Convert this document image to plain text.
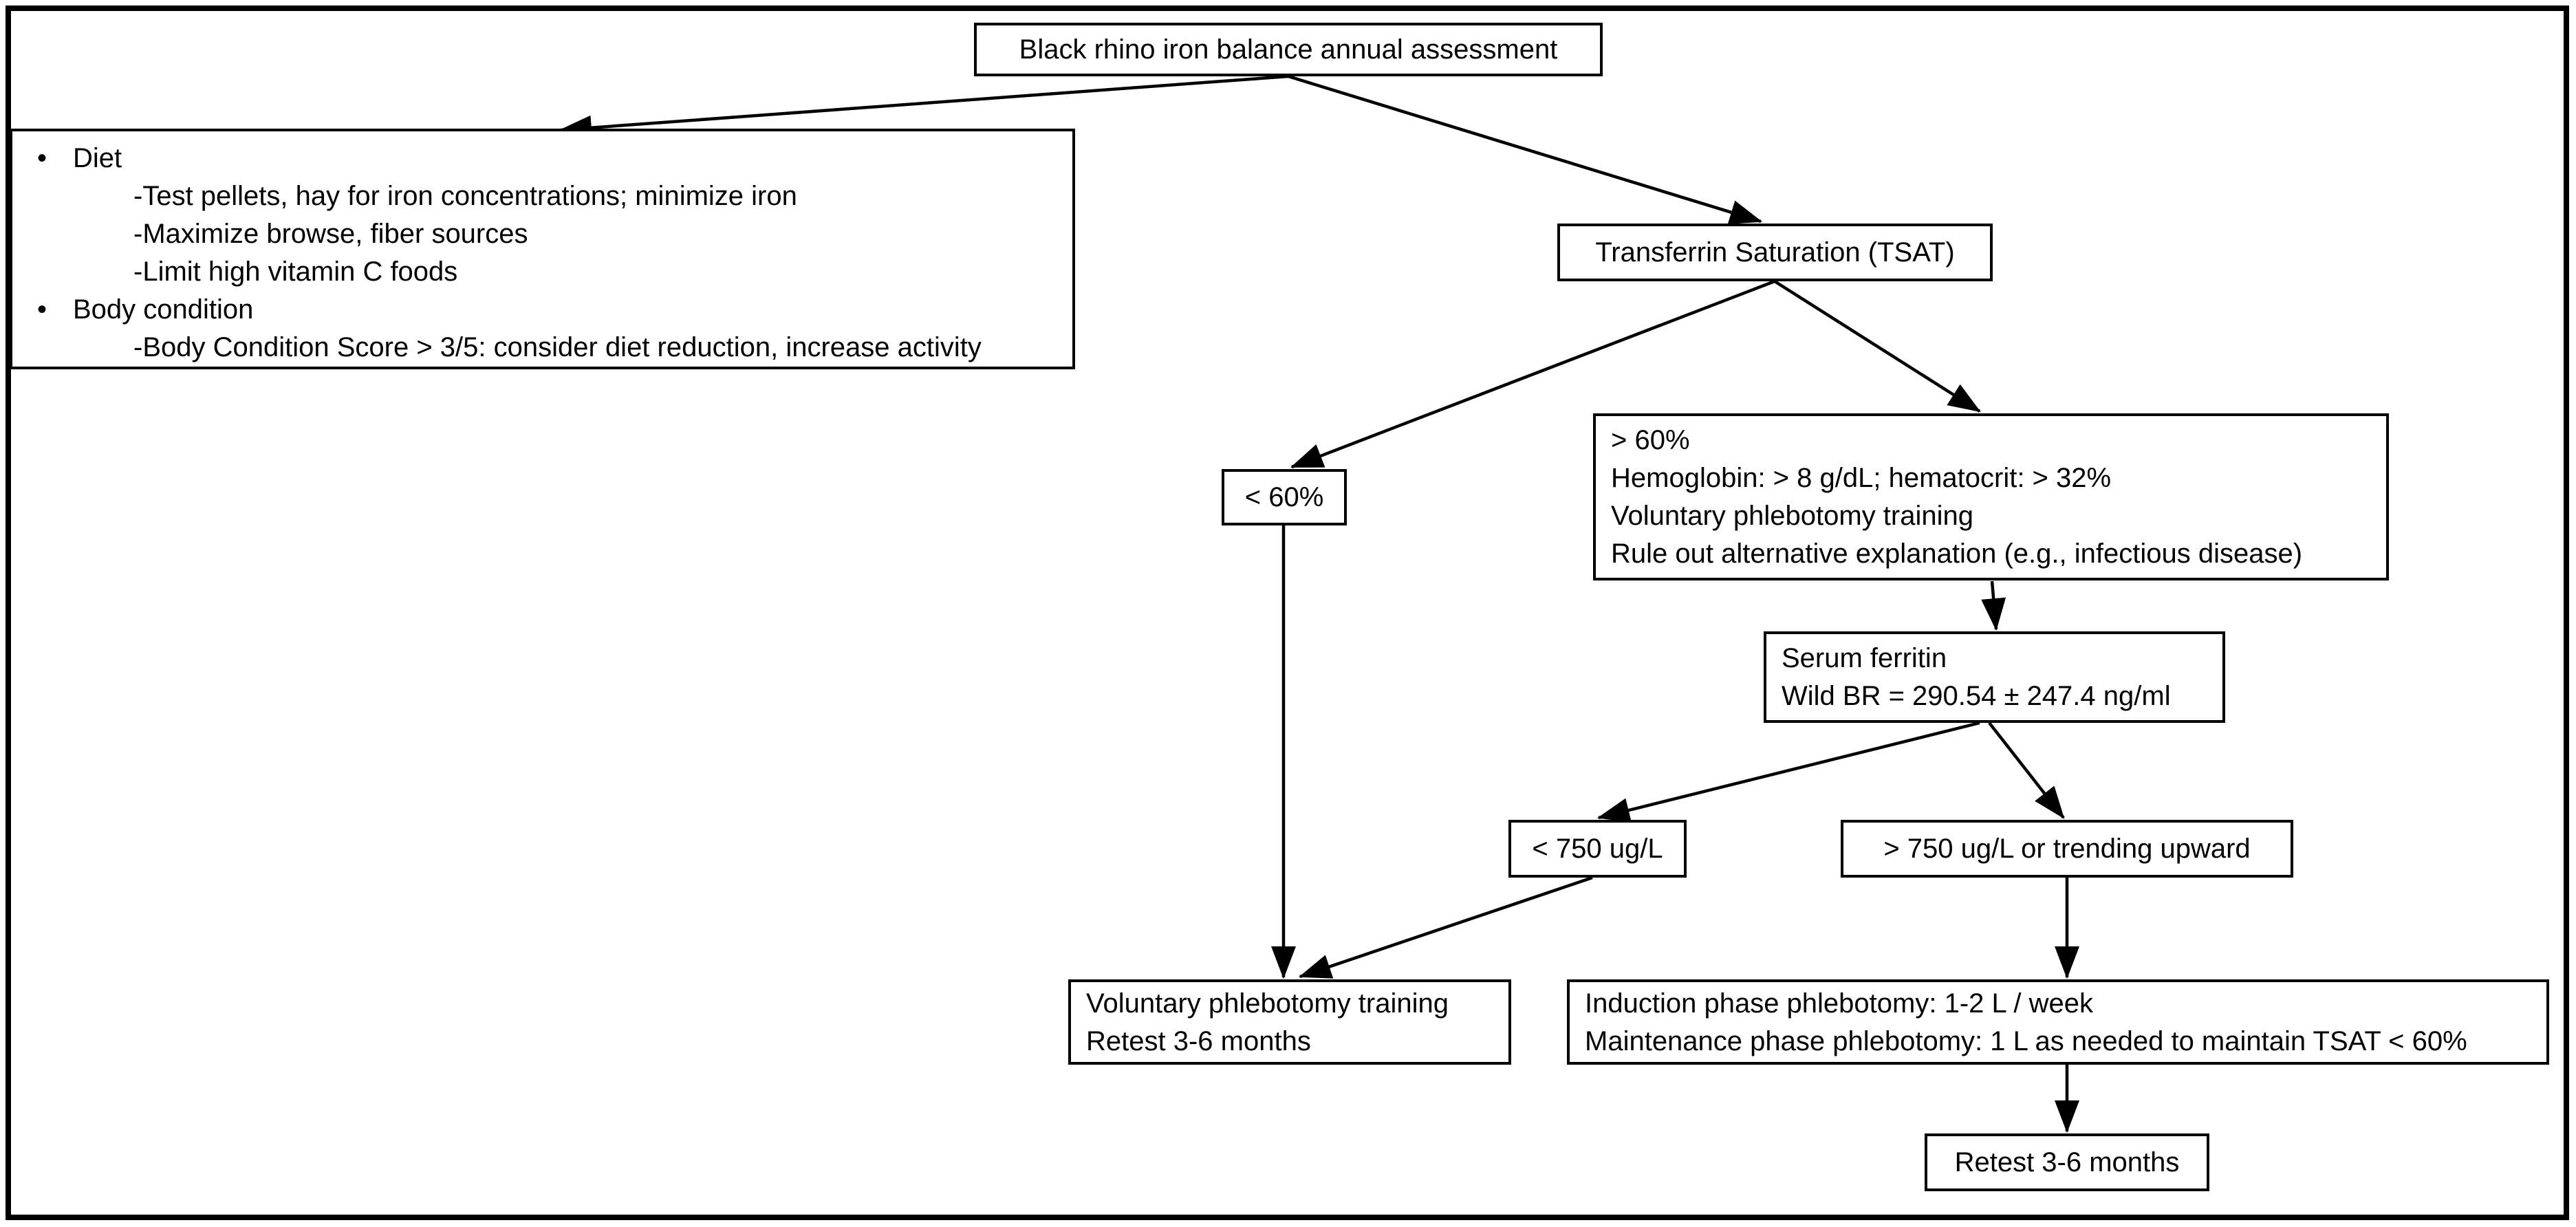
Black rhino iron balance annual assessment
• Diet
-Test pellets, hay for iron concentrations; minimize iron
-Maximize browse, fiber sources
-Limit high vitamin C foods
• Body condition
-Body Condition Score > 3/5: consider diet reduction, increase activity
Transferrin Saturation (TSAT)
< 60%
> 60%
Hemoglobin: > 8 g/dL; hematocrit: > 32%
Voluntary phlebotomy training
Rule out alternative explanation (e.g., infectious disease)
Serum ferritin
Wild BR = 290.54 ± 247.4 ng/ml
< 750 ug/L	> 750 ug/L or trending upward
Voluntary phlebotomy training
Retest 3-6 months
Induction phase phlebotomy: 1-2 L / week
Maintenance phase phlebotomy: 1 L as needed to maintain TSAT < 60%
Retest 3-6 months
